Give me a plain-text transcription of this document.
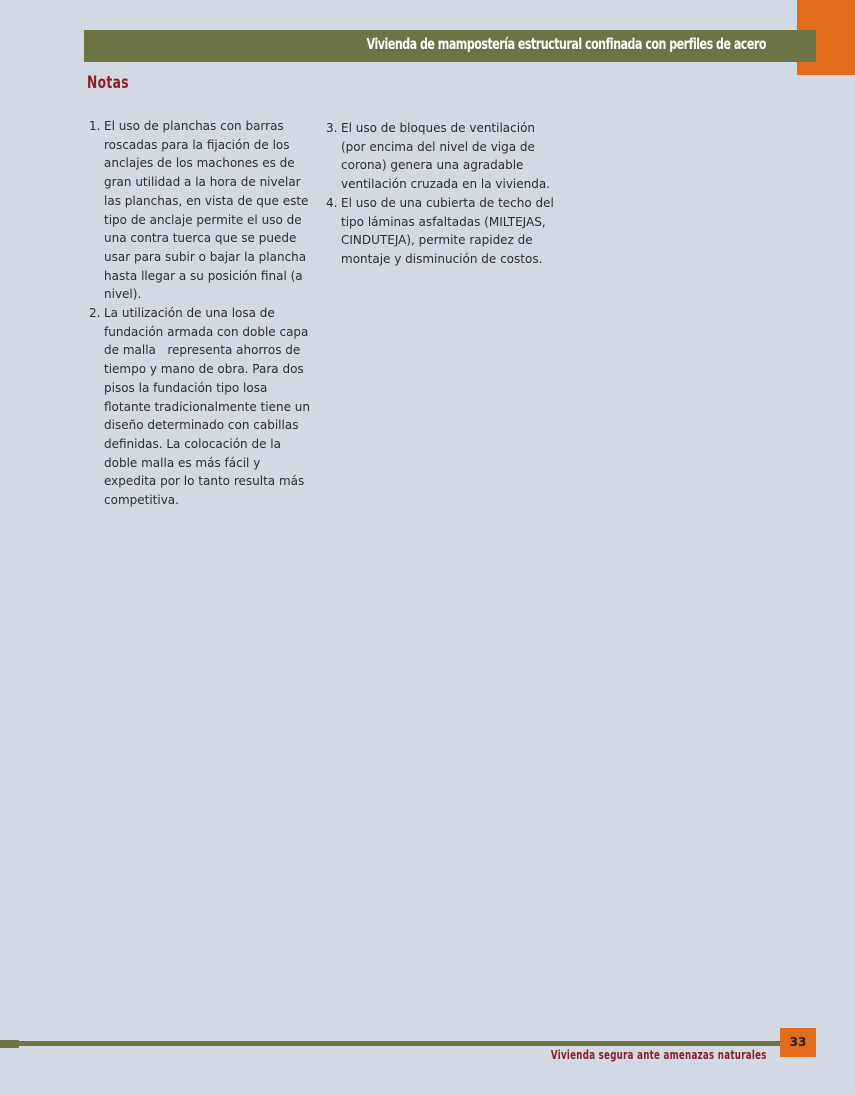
Vivienda de mampostería estructural confinada con perfiles de acero
Notas
1. El uso de planchas con barras roscadas para la fijación de los anclajes de los machones es de gran utilidad a la hora de nivelar las planchas, en vista de que este tipo de anclaje permite el uso de una contra tuerca que se puede usar para subir o bajar la plancha hasta llegar a su posición final (a nivel).
2. La utilización de una losa de fundación armada con doble capa de malla   representa ahorros de tiempo y mano de obra. Para dos pisos la fundación tipo losa flotante tradicionalmente tiene un diseño determinado con cabillas definidas. La colocación de la doble malla es más fácil y expedita por lo tanto resulta más competitiva.
3. El uso de bloques de ventilación (por encima del nivel de viga de corona) genera una agradable ventilación cruzada en la vivienda.
4. El uso de una cubierta de techo del tipo láminas asfaltadas (MILTEJAS, CINDUTEJA), permite rapidez de montaje y disminución de costos.
33
Vivienda segura ante amenazas naturales
